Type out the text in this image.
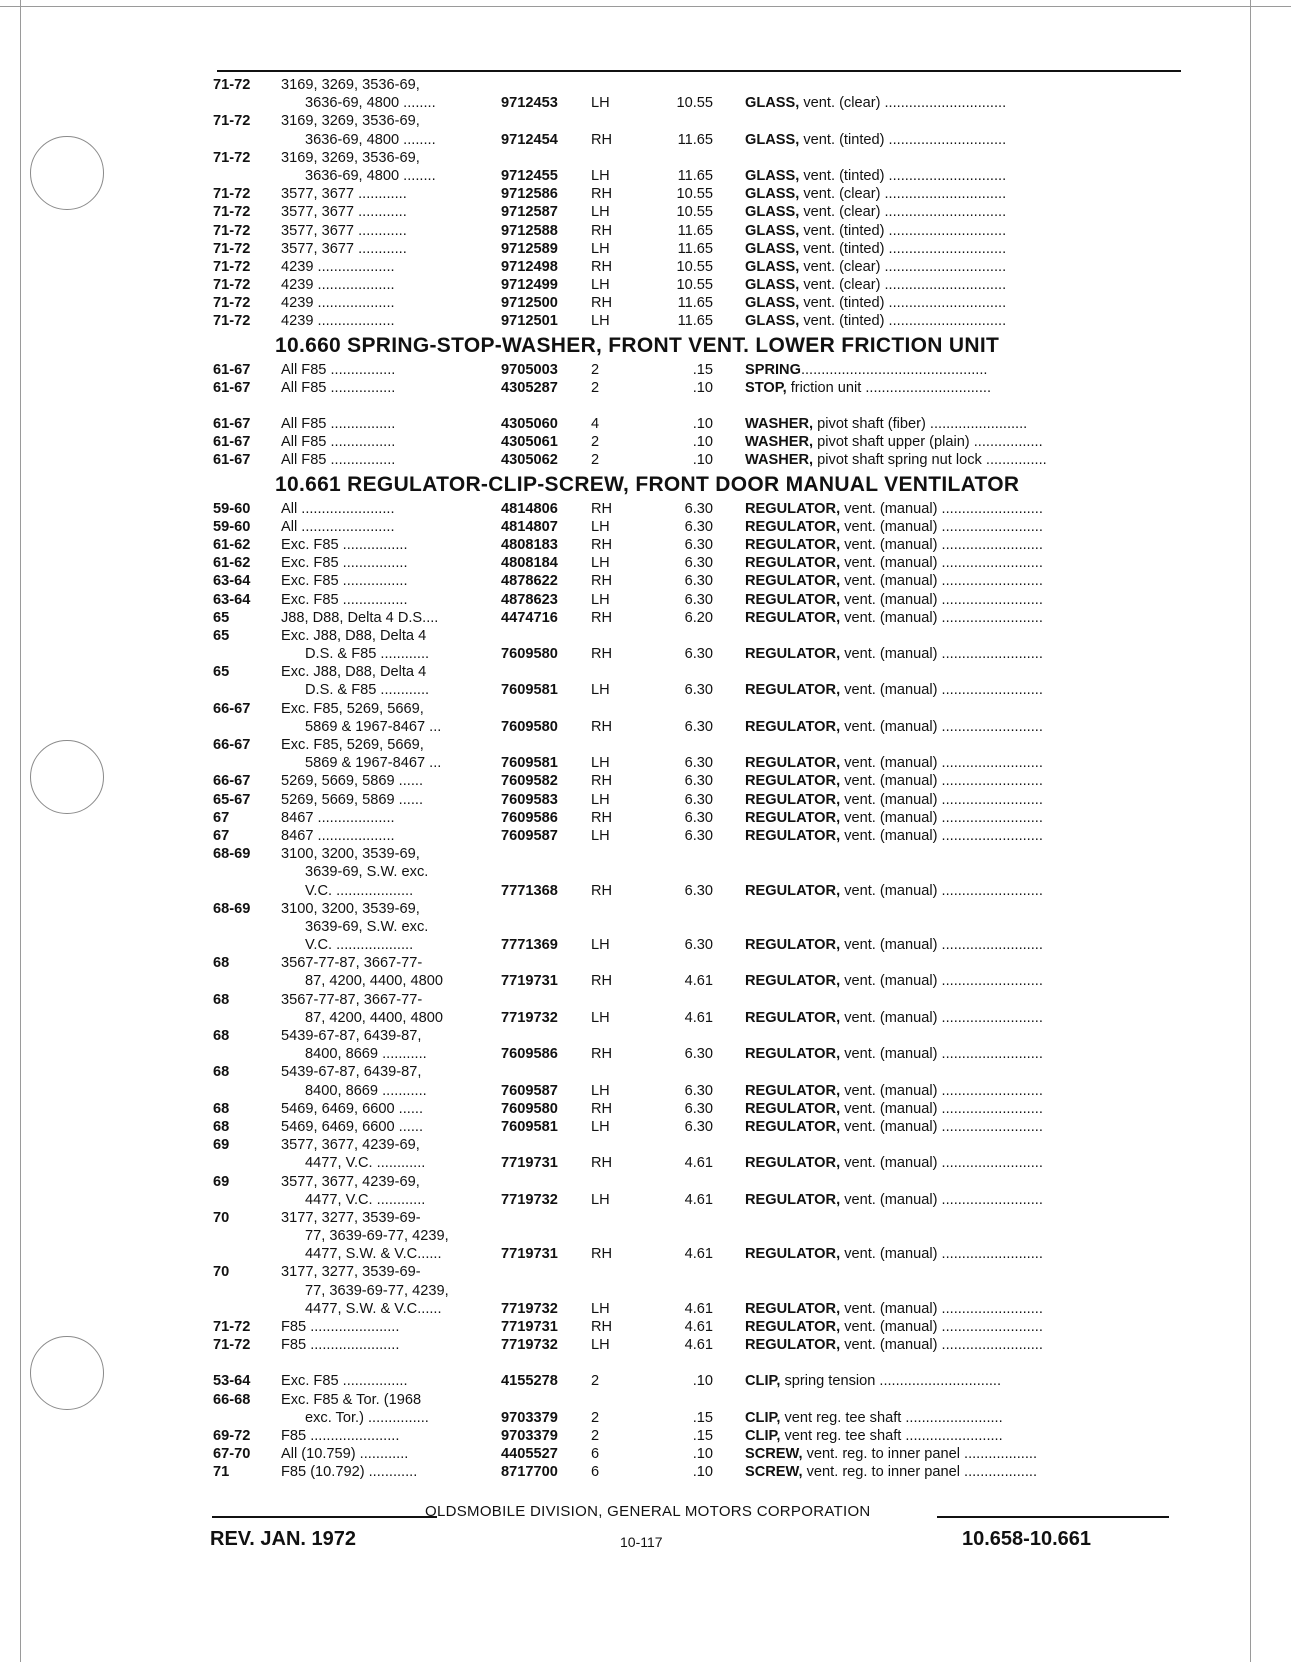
71-72	3169, 3269, 3536-69,
3636-69, 4800 ........	9712453	LH	10.55 GLASS, vent. (clear) ..............................
71-72	3169, 3269, 3536-69,
3636-69, 4800 ........	9712454	RH	11.65 GLASS, vent. (tinted) .............................
71-72	3169, 3269, 3536-69,
3636-69, 4800 ........	9712455	LH	11.65 GLASS, vent. (tinted) .............................
71-72	3577, 3677 ............	9712586	RH	10.55 GLASS, vent. (clear) ..............................
71-72	3577, 3677 ............	9712587	LH	10.55 GLASS, vent. (clear) ..............................
71-72	3577, 3677 ............	9712588	RH	11.65 GLASS, vent. (tinted) .............................
71-72	3577, 3677 ............	9712589	LH	11.65 GLASS, vent. (tinted) .............................
71-72	4239 ...................	9712498	RH	10.55 GLASS, vent. (clear) ..............................
71-72	4239 ...................	9712499	LH	10.55 GLASS, vent. (clear) ..............................
71-72	4239 ...................	9712500	RH	11.65 GLASS, vent. (tinted) .............................
71-72	4239 ...................	9712501	LH	11.65 GLASS, vent. (tinted) .............................
10.660 SPRING-STOP-WASHER, FRONT VENT. LOWER FRICTION UNIT
61-67	All F85 ................	9705003	2	.15 SPRING..............................................
61-67	All F85 ................	4305287	2	.10 STOP, friction unit ...............................
61-67	All F85 ................	4305060	4	.10 WASHER, pivot shaft (fiber) ........................
61-67	All F85 ................	4305061	2	.10 WASHER, pivot shaft upper (plain) .................
61-67	All F85 ................	4305062	2	.10 WASHER, pivot shaft spring nut lock ...............
10.661 REGULATOR-CLIP-SCREW, FRONT DOOR MANUAL VENTILATOR
59-60	All .......................	4814806	RH	6.30 REGULATOR, vent. (manual) .........................
59-60	All .......................	4814807	LH	6.30 REGULATOR, vent. (manual) .........................
61-62	Exc. F85 ................	4808183	RH	6.30 REGULATOR, vent. (manual) .........................
61-62	Exc. F85 ................	4808184	LH	6.30 REGULATOR, vent. (manual) .........................
63-64	Exc. F85 ................	4878622	RH	6.30 REGULATOR, vent. (manual) .........................
63-64	Exc. F85 ................	4878623	LH	6.30 REGULATOR, vent. (manual) .........................
65	J88, D88, Delta 4 D.S....	4474716	RH	6.20 REGULATOR, vent. (manual) .........................
65	Exc. J88, D88, Delta 4
D.S. & F85 ............	7609580	RH	6.30 REGULATOR, vent. (manual) .........................
65	Exc. J88, D88, Delta 4
D.S. & F85 ............	7609581	LH	6.30 REGULATOR, vent. (manual) .........................
66-67	Exc. F85, 5269, 5669,
5869 & 1967-8467 ...	7609580	RH	6.30 REGULATOR, vent. (manual) .........................
66-67	Exc. F85, 5269, 5669,
5869 & 1967-8467 ...	7609581	LH	6.30 REGULATOR, vent. (manual) .........................
66-67	5269, 5669, 5869 ......	7609582	RH	6.30 REGULATOR, vent. (manual) .........................
65-67	5269, 5669, 5869 ......	7609583	LH	6.30 REGULATOR, vent. (manual) .........................
67	8467 ...................	7609586	RH	6.30 REGULATOR, vent. (manual) .........................
67	8467 ...................	7609587	LH	6.30 REGULATOR, vent. (manual) .........................
68-69	3100, 3200, 3539-69,
3639-69, S.W. exc.
V.C. ...................	7771368	RH	6.30 REGULATOR, vent. (manual) .........................
68-69	3100, 3200, 3539-69,
3639-69, S.W. exc.
V.C. ...................	7771369	LH	6.30 REGULATOR, vent. (manual) .........................
68	3567-77-87, 3667-77-
87, 4200, 4400, 4800	7719731	RH	4.61 REGULATOR, vent. (manual) .........................
68	3567-77-87, 3667-77-
87, 4200, 4400, 4800	7719732	LH	4.61 REGULATOR, vent. (manual) .........................
68	5439-67-87, 6439-87,
8400, 8669 ...........	7609586	RH	6.30 REGULATOR, vent. (manual) .........................
68	5439-67-87, 6439-87,
8400, 8669 ...........	7609587	LH	6.30 REGULATOR, vent. (manual) .........................
68	5469, 6469, 6600 ......	7609580	RH	6.30 REGULATOR, vent. (manual) .........................
68	5469, 6469, 6600 ......	7609581	LH	6.30 REGULATOR, vent. (manual) .........................
69	3577, 3677, 4239-69,
4477, V.C. ............	7719731	RH	4.61 REGULATOR, vent. (manual) .........................
69	3577, 3677, 4239-69,
4477, V.C. ............	7719732	LH	4.61 REGULATOR, vent. (manual) .........................
70	3177, 3277, 3539-69-
77, 3639-69-77, 4239,
4477, S.W. & V.C......	7719731	RH	4.61 REGULATOR, vent. (manual) .........................
70	3177, 3277, 3539-69-
77, 3639-69-77, 4239,
4477, S.W. & V.C......	7719732	LH	4.61 REGULATOR, vent. (manual) .........................
71-72	F85 ......................	7719731	RH	4.61 REGULATOR, vent. (manual) .........................
71-72	F85 ......................	7719732	LH	4.61 REGULATOR, vent. (manual) .........................
53-64	Exc. F85 ................	4155278	2	.10 CLIP, spring tension ..............................
66-68	Exc. F85 & Tor. (1968
exc. Tor.) ...............	9703379	2	.15 CLIP, vent reg. tee shaft ........................
69-72	F85 ......................	9703379	2	.15 CLIP, vent reg. tee shaft ........................
67-70	All (10.759) ............	4405527	6	.10 SCREW, vent. reg. to inner panel ..................
71	F85 (10.792) ............	8717700	6	.10 SCREW, vent. reg. to inner panel ..................
OLDSMOBILE DIVISION, GENERAL MOTORS CORPORATION
REV. JAN. 1972	10-117	10.658-10.661
